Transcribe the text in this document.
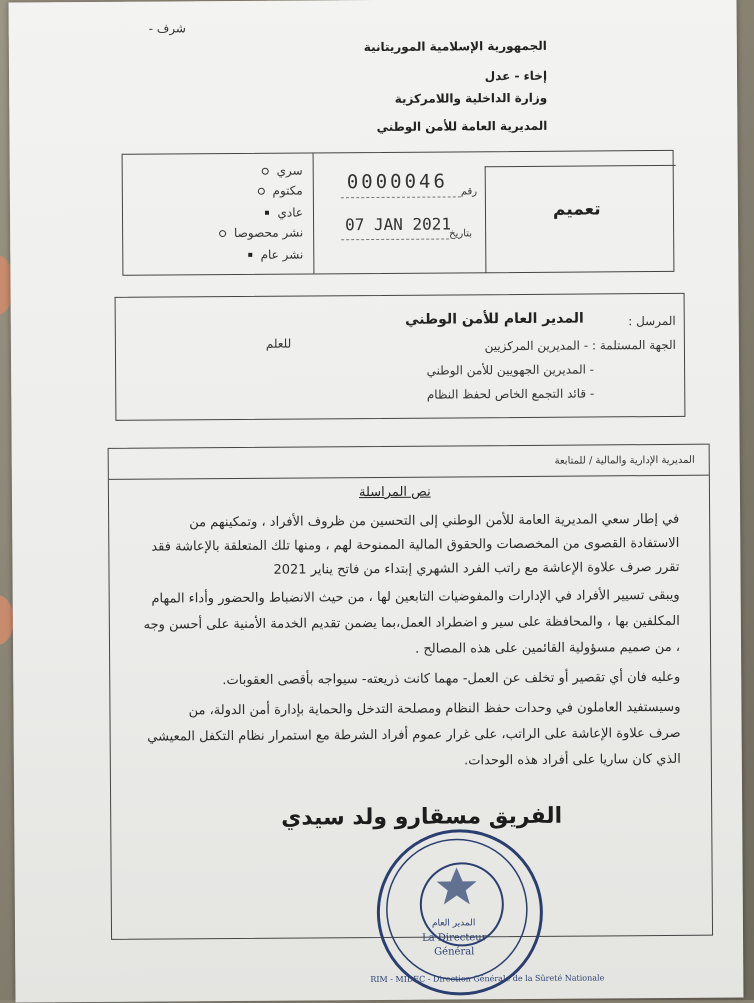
شرف -
الجمهورية الإسلامية الموريتانية
إخاء - عدل
وزارة الداخلية واللامركزية
المديرية العامة للأمن الوطني
سري
مكتوم
عادي
نشر محصوصا
نشر عام
رقم
0000046
بتاريخ
07 JAN 2021
تعميم
المرسل :
المدير العام للأمن الوطني
الجهة المستلمة : - المديرين المركزيين
للعلم
- المديرين الجهويين للأمن الوطني
- قائد التجمع الخاص لحفظ النظام
المديرية الإدارية والمالية / للمتابعة
نص المراسلة
في إطار سعي المديرية العامة للأمن الوطني إلى التحسين من ظروف الأفراد ، وتمكينهم من
الاستفادة القصوى من المخصصات والحقوق المالية الممنوحة لهم ، ومنها تلك المتعلقة بالإعاشة فقد
تقرر صرف علاوة الإعاشة مع راتب الفرد الشهري إبتداء من فاتح يناير 2021
ويبقى تسيير الأفراد في الإدارات والمفوضيات التابعين لها ، من حيث الانضباط والحضور وأداء المهام
المكلفين بها ، والمحافظة على سير و اضطراد العمل،بما يضمن تقديم الخدمة الأمنية على أحسن وجه
، من صميم مسؤولية القائمين على هذه المصالح .
وعليه فان أي تقصير أو تخلف عن العمل- مهما كانت ذريعته- سيواجه بأقصى العقوبات.
وسيستفيد العاملون في وحدات حفظ النظام ومصلحة التدخل والحماية بإدارة أمن الدولة، من
صرف علاوة الإعاشة على الراتب، على غرار عموم أفراد الشرطة مع استمرار نظام التكفل المعيشي
الذي كان ساريا على أفراد هذه الوحدات.
الفريق مسقارو ولد سيدي
المدير العام
La Directeur
Général
RIM - MIDEC - Direction Générale de la Sûreté Nationale
